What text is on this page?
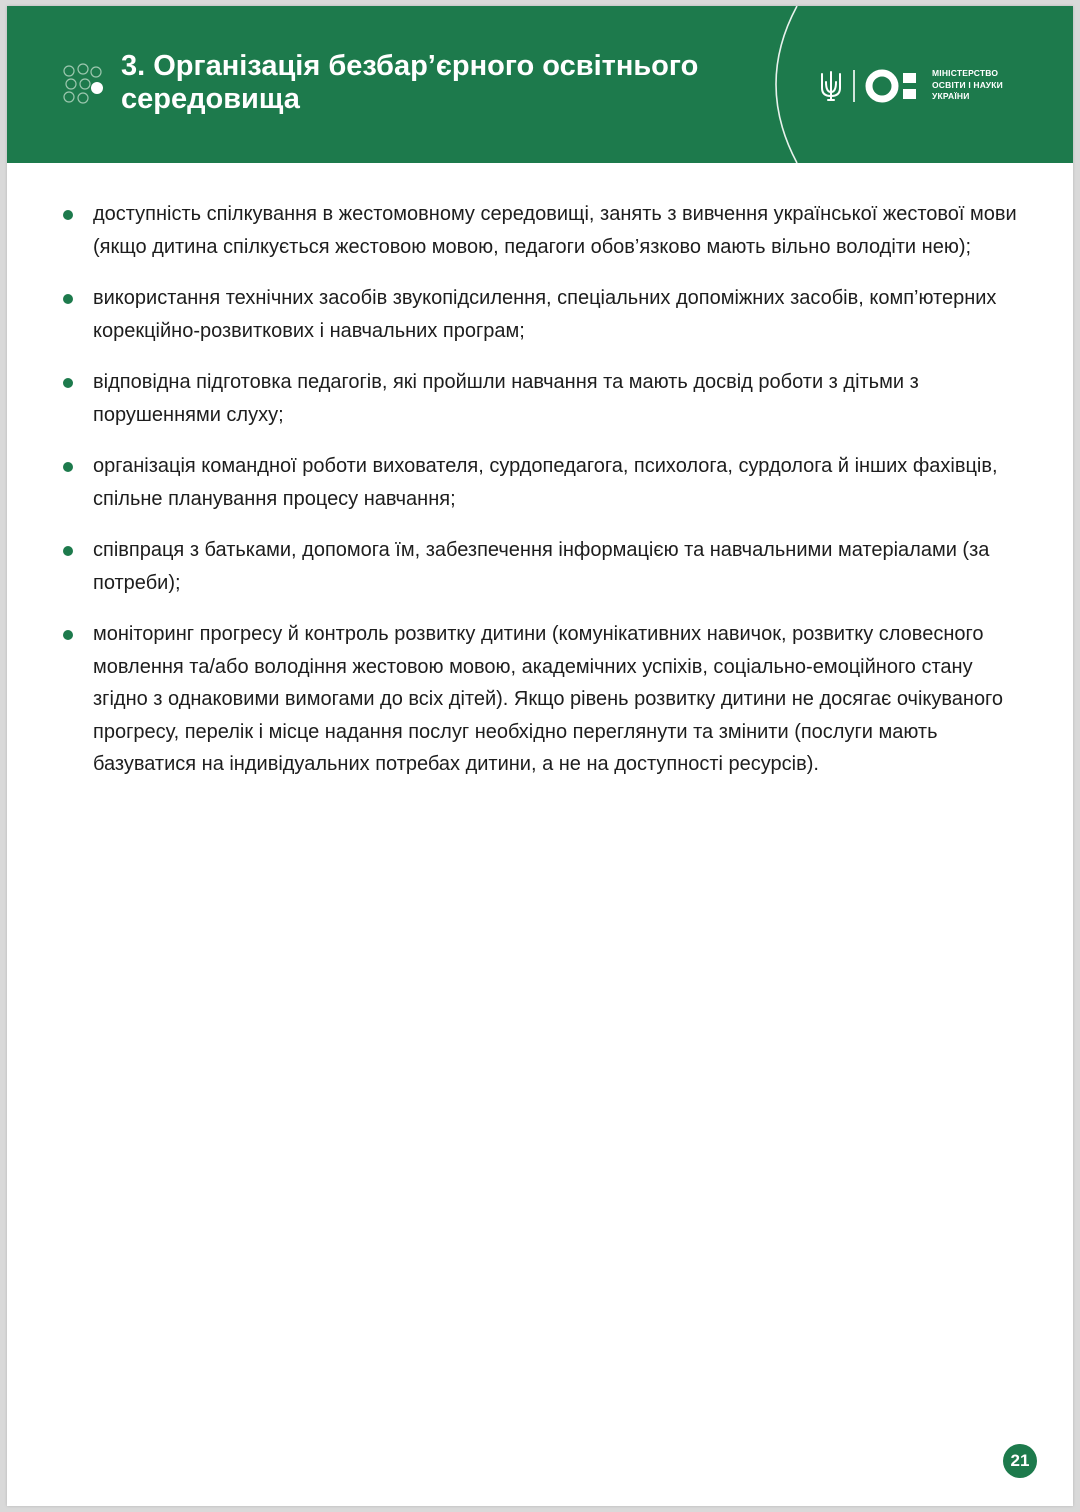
3. Організація безбар’єрного освітнього середовища
МІНІСТЕРСТВО
ОСВІТИ І НАУКИ
УКРАЇНИ
доступність спілкування в жестомовному середовищі, занять з вивчення української жестової мови (якщо дитина спілкується жестовою мовою, педагоги обов’язково мають вільно володіти нею);
використання технічних засобів звукопідсилення, спеціальних допоміжних засобів, комп’ютерних корекційно-розвиткових і навчальних програм;
відповідна підготовка педагогів, які пройшли навчання та мають досвід роботи з дітьми з порушеннями слуху;
організація командної роботи вихователя, сурдопедагога, психолога, сурдолога й інших фахівців, спільне планування процесу навчання;
співпраця з батьками, допомога їм, забезпечення інформацією та навчальними матеріалами (за потреби);
моніторинг прогресу й контроль розвитку дитини (комунікативних навичок, розвитку словесного мовлення та/або володіння жестовою мовою, академічних успіхів, соціально-емоційного стану згідно з однаковими вимогами до всіх дітей). Якщо рівень розвитку дитини не досягає очікуваного прогресу, перелік і місце надання послуг необхідно переглянути та змінити (послуги мають базуватися на індивідуальних потребах дитини, а не на доступності ресурсів).
21
